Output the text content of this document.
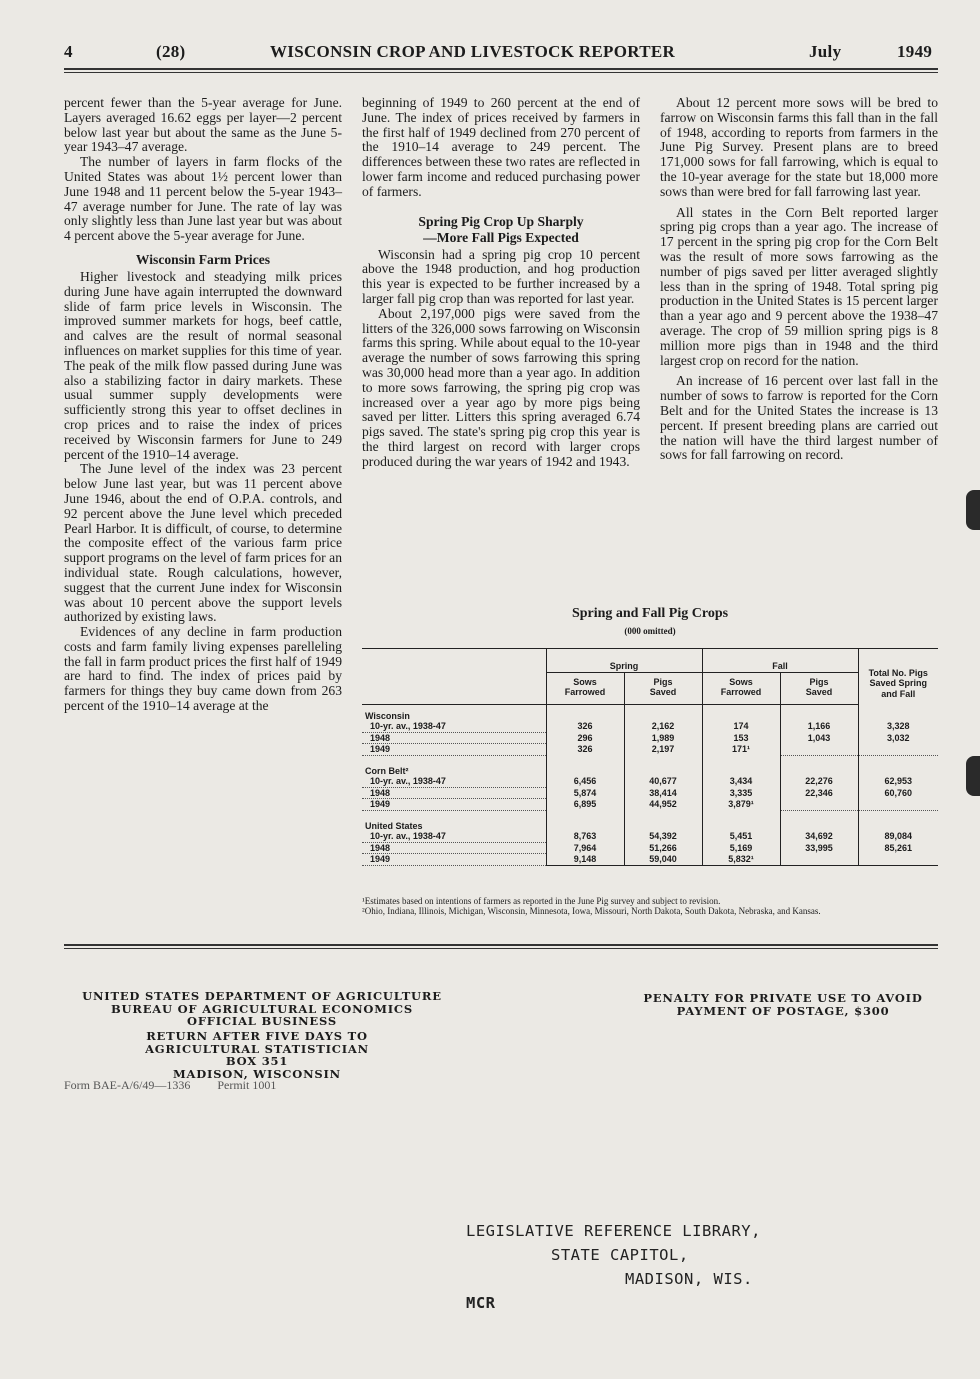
4	(28)	WISCONSIN CROP AND LIVESTOCK REPORTER	July	1949

percent fewer than the 5-year average for June. Layers averaged 16.62 eggs per layer—2 percent below last year but about the same as the June 5-year 1943–47 average.

The number of layers in farm flocks of the United States was about 1½ percent lower than June 1948 and 11 percent below the 5-year 1943–47 average number for June. The rate of lay was only slightly less than June last year but was about 4 percent above the 5-year average for June.

Wisconsin Farm Prices

Higher livestock and steadying milk prices during June have again interrupted the downward slide of farm price levels in Wisconsin. The improved summer markets for hogs, beef cattle, and calves are the result of normal seasonal influences on market supplies for this time of year. The peak of the milk flow passed during June was also a stabilizing factor in dairy markets. These usual summer supply developments were sufficiently strong this year to offset declines in crop prices and to raise the index of prices received by Wisconsin farmers for June to 249 percent of the 1910–14 average.

The June level of the index was 23 percent below June last year, but was 11 percent above June 1946, about the end of O.P.A. controls, and 92 percent above the June level which preceded Pearl Harbor. It is difficult, of course, to determine the composite effect of the various farm price support programs on the level of farm prices for an individual state. Rough calculations, however, suggest that the current June index for Wisconsin was about 10 percent above the support levels authorized by existing laws.

Evidences of any decline in farm production costs and farm family living expenses parelleling the fall in farm product prices the first half of 1949 are hard to find. The index of prices paid by farmers for things they buy came down from 263 percent of the 1910–14 average at the

beginning of 1949 to 260 percent at the end of June. The index of prices received by farmers in the first half of 1949 declined from 270 percent of the 1910–14 average to 249 percent. The differences between these two rates are reflected in lower farm income and reduced purchasing power of farmers.

Spring Pig Crop Up Sharply
—More Fall Pigs Expected

Wisconsin had a spring pig crop 10 percent above the 1948 production, and hog production this year is expected to be further increased by a larger fall pig crop than was reported for last year.

About 2,197,000 pigs were saved from the litters of the 326,000 sows farrowing on Wisconsin farms this spring. While about equal to the 10-year average the number of sows farrowing this spring was 30,000 head more than a year ago. In addition to more sows farrowing, the spring pig crop was increased over a year ago by more pigs being saved per litter. Litters this spring averaged 6.74 pigs saved. The state's spring pig crop this year is the third largest on record with larger crops produced during the war years of 1942 and 1943.

About 12 percent more sows will be bred to farrow on Wisconsin farms this fall than in the fall of 1948, according to reports from farmers in the June Pig Survey. Present plans are to breed 171,000 sows for fall farrowing, which is equal to the 10-year average for the state but 18,000 more sows than were bred for fall farrowing last year.

All states in the Corn Belt reported larger spring pig crops than a year ago. The increase of 17 percent in the spring pig crop for the Corn Belt was the result of more sows farrowing as the number of pigs saved per litter averaged slightly less than in the spring of 1948. Total spring pig production in the United States is 15 percent larger than a year ago and 9 percent above the 1938–47 average. The crop of 59 million spring pigs is 8 million more pigs than in 1948 and the third largest crop on record for the nation.

An increase of 16 percent over last fall in the number of sows to farrow is reported for the Corn Belt and for the United States the increase is 13 percent. If present breeding plans are carried out the nation will have the third largest number of sows for fall farrowing on record.

Spring and Fall Pig Crops
(000 omitted)
	Spring		Fall		Total No. Pigs Saved Spring and Fall
	Sows Farrowed	Pigs Saved	Sows Farrowed	Pigs Saved	
Wisconsin					
10-yr. av., 1938-47	326	2,162	174	1,166	3,328
1948	296	1,989	153	1,043	3,032
1949	326	2,197	171¹		
Corn Belt²					
10-yr. av., 1938-47	6,456	40,677	3,434	22,276	62,953
1948	5,874	38,414	3,335	22,346	60,760
1949	6,895	44,952	3,879¹		
United States					
10-yr. av., 1938-47	8,763	54,392	5,451	34,692	89,084
1948	7,964	51,266	5,169	33,995	85,261
1949	9,148	59,040	5,832¹		
¹Estimates based on intentions of farmers as reported in the June Pig survey and subject to revision.
²Ohio, Indiana, Illinois, Michigan, Wisconsin, Minnesota, Iowa, Missouri, North Dakota, South Dakota, Nebraska, and Kansas.
UNITED STATES DEPARTMENT OF AGRICULTURE
BUREAU OF AGRICULTURAL ECONOMICS
OFFICIAL BUSINESS
RETURN AFTER FIVE DAYS TO
AGRICULTURAL STATISTICIAN
BOX 351
MADISON, WISCONSIN
PENALTY FOR PRIVATE USE TO AVOID
PAYMENT OF POSTAGE, $300
Form BAE-A/6/49—1336 Permit 1001
LEGISLATIVE REFERENCE LIBRARY,
STATE CAPITOL,
MADISON, WIS.
MCR
